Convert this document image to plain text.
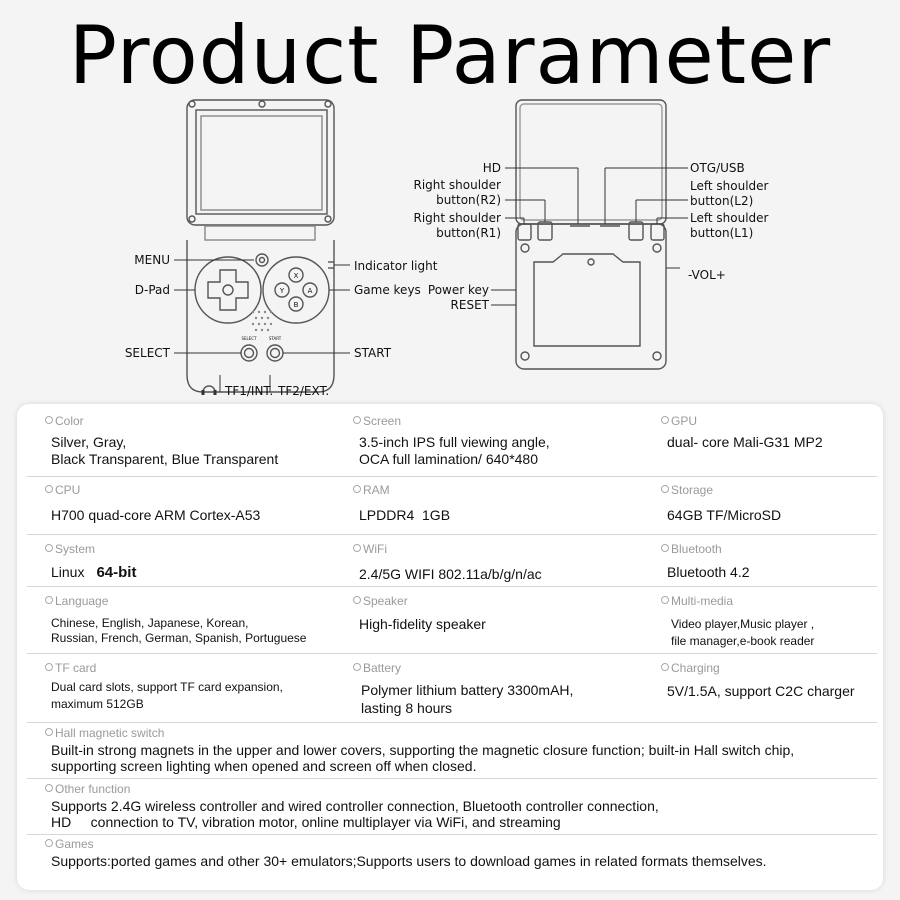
Product Parameter
MENU
D-Pad
SELECT
Indicator light
Game keys
START
TF1/INT. TF2/EXT.
SELECT	START
X
Y	A
B
HD
Right shoulder
button(R2)
Right shoulder
button(R1)
OTG/USB
Left shoulder
button(L2)
Left shoulder
button(L1)
Power key
RESET
-VOL+
Color
Silver, Gray,
Black Transparent, Blue Transparent
Screen
3.5-inch IPS full viewing angle,
OCA full lamination/ 640*480
GPU
dual- core Mali-G31 MP2
CPU
H700 quad-core ARM Cortex-A53
RAM
LPDDR4  1GB
Storage
64GB TF/MicroSD
System
Linux 64-bit
WiFi
2.4/5G WIFI 802.11a/b/g/n/ac
Bluetooth
Bluetooth 4.2
Language
Chinese, English, Japanese, Korean,
Russian, French, German, Spanish, Portuguese
Speaker
High-fidelity speaker
Multi-media
Video player,Music player ,
file manager,e-book reader
TF card
Dual card slots, support TF card expansion,
maximum 512GB
Battery
Polymer lithium battery 3300mAH,
lasting 8 hours
Charging
5V/1.5A, support C2C charger
Hall magnetic switch
Built-in strong magnets in the upper and lower covers, supporting the magnetic closure function; built-in Hall switch chip,
supporting screen lighting when opened and screen off when closed.
Other function
Supports 2.4G wireless controller and wired controller connection, Bluetooth controller connection,
HD     connection to TV, vibration motor, online multiplayer via WiFi, and streaming
Games
Supports:ported games and other 30+ emulators;Supports users to download games in related formats themselves.
